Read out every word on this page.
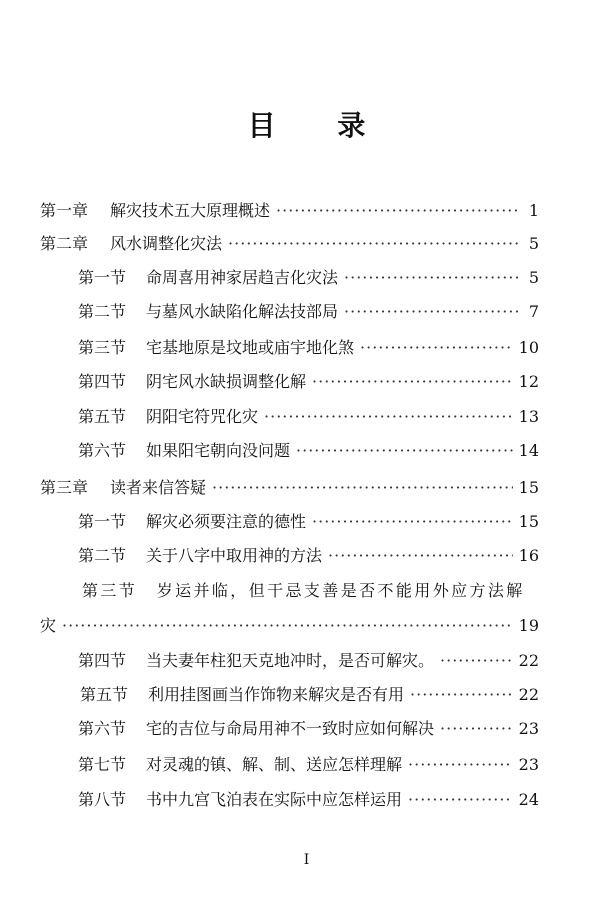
目 录
第一章 解灾技术五大原理概述 ·····	1
第二章 风水调整化灾法 ·····	5
第一节 命周喜用神家居趋吉化灾法 ·····	5
第二节 与墓风水缺陷化解法技部局 ·····	7
第三节 宅基地原是坟地或庙宇地化煞 ·····	10
第四节 阴宅风水缺损调整化解 ·····	12
第五节 阴阳宅符咒化灾 ·····	13
第六节 如果阳宅朝向没问题 ·····	14
第三章 读者来信答疑 ·····	15
第一节 解灾必须要注意的德性 ·····	15
第二节 关于八字中取用神的方法 ·····	16
第三节 岁运并临，但干忌支善是否不能用外应方法解
灾 ·····	19
第四节 当夫妻年柱犯天克地冲时，是否可解灾。 ·····	22
第五节 利用挂图画当作饰物来解灾是否有用 ·····	22
第六节 宅的吉位与命局用神不一致时应如何解决 ·····	23
第七节 对灵魂的镇、解、制、送应怎样理解 ·····	23
第八节 书中九宫飞泊表在实际中应怎样运用 ·····	24
I
